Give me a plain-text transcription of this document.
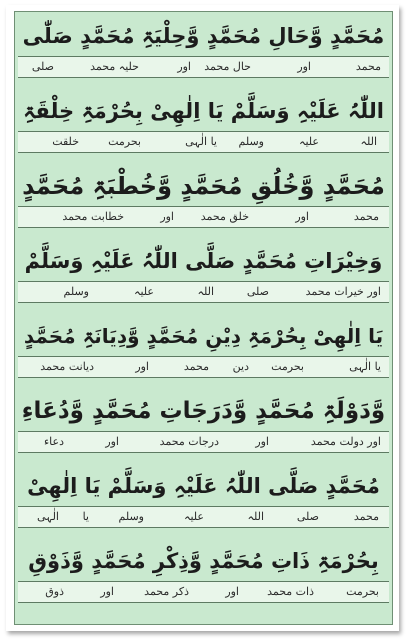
مُحَمَّدٍ وَّحَالِ مُحَمَّدٍ وَّحِلْیَۃِ مُحَمَّدٍ صَلّٰی
محمد
اور
حال محمد
اور
حلیہ محمد
صلی
اللّٰہُ عَلَیْہِ وَسَلَّمْ یَا اِلٰھِیْ بِحُرْمَۃِ خِلْقَۃِ
اللہ
علیہ
وسلم
یا الٰہی
بحرمت
خلقت
مُحَمَّدٍ وَّخُلُقِ مُحَمَّدٍ وَّخُطْبَۃِ مُحَمَّدٍ
محمد
اور
خلق محمد
اور
خطابت محمد
وَخِیْرَاتِ مُحَمَّدٍ صَلَّی اللّٰہُ عَلَیْہِ وَسَلَّمْ
اور خیرات محمد
صلی
اللہ
علیہ
وسلم
یَا اِلٰھِیْ بِحُرْمَۃِ دِیْنِ مُحَمَّدٍ وَّدِیَانَۃِ مُحَمَّدٍ
یا الٰہی
بحرمت
دین
محمد
اور
دیانت محمد
وَّدَوْلَۃِ مُحَمَّدٍ وَّدَرَجَاتِ مُحَمَّدٍ وَّدُعَاءِ
اور دولت محمد
اور
درجات محمد
اور
دعاء
مُحَمَّدٍ صَلَّی اللّٰہُ عَلَیْہِ وَسَلَّمْ یَا اِلٰھِیْ
محمد
صلی
اللہ
علیہ
وسلم
یا
الٰہی
بِحُرْمَۃِ ذَاتِ مُحَمَّدٍ وَّذِکْرِ مُحَمَّدٍ وَّذَوْقِ
بحرمت
ذات محمد
اور
ذکر محمد
اور
ذوق
